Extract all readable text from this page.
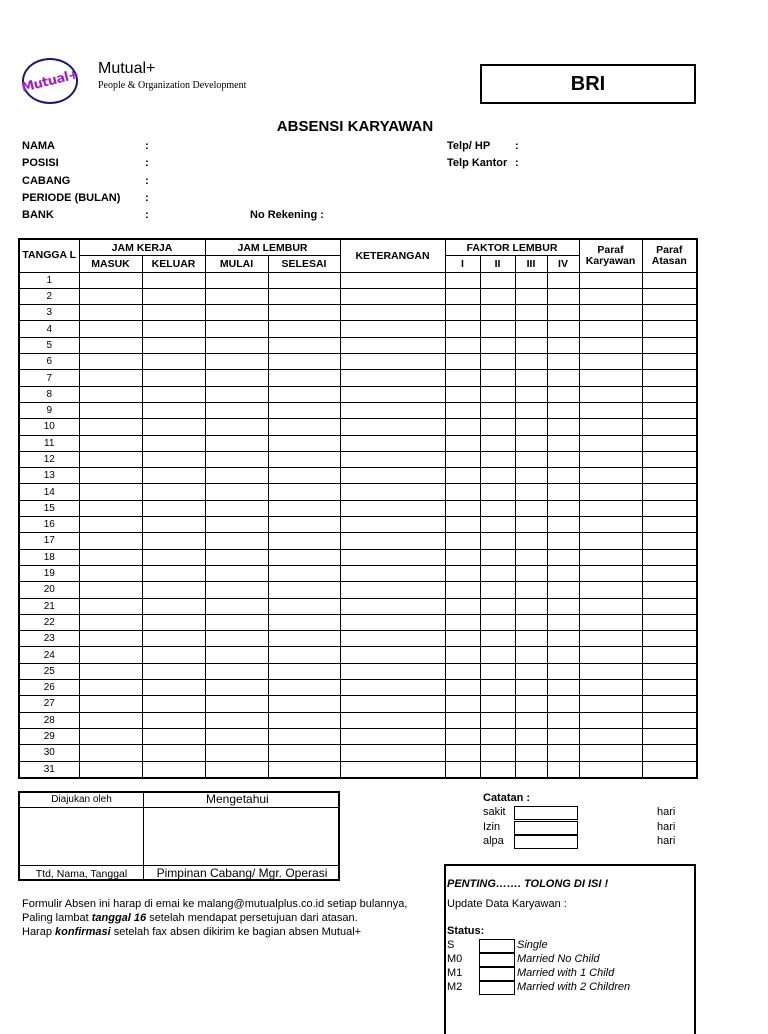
Mutual+ Mutual+
People & Organization Development	BRI
ABSENSI KARYAWAN
NAMA	:
POSISI	:
CABANG	:
PERIODE (BULAN) :
BANK	:	No Rekening :
Telp/ HP :
Telp Kantor :
TANGGA L	JAM KERJA		JAM LEMBUR		KETERANGAN	FAKTOR LEMBUR				Paraf Karyawan	Paraf Atasan
	MASUK	KELUAR	MULAI	SELESAI		I	II	III	IV		
1											
2											
3											
4											
5											
6											
7											
8											
9											
10											
11											
12											
13											
14											
15											
16											
17											
18											
19											
20											
21											
22											
23											
24											
25											
26											
27											
28											
29											
30											
31											
Diajukan oleh	Mengetahui
Ttd, Nama, Tanggal	Pimpinan Cabang/ Mgr. Operasi
Catatan :
sakit	hari
Izin	hari
alpa	hari
Formulir Absen ini harap di emai ke malang@mutualplus.co.id setiap bulannya,
Paling lambat tanggal 16 setelah mendapat persetujuan dari atasan.
Harap konfirmasi setelah fax absen dikirim ke bagian absen Mutual+
PENTING……. TOLONG DI ISI !
Update Data Karyawan :
Status:
S	Single
M0	Married No Child
M1	Married with 1 Child
M2	Married with 2 Children
